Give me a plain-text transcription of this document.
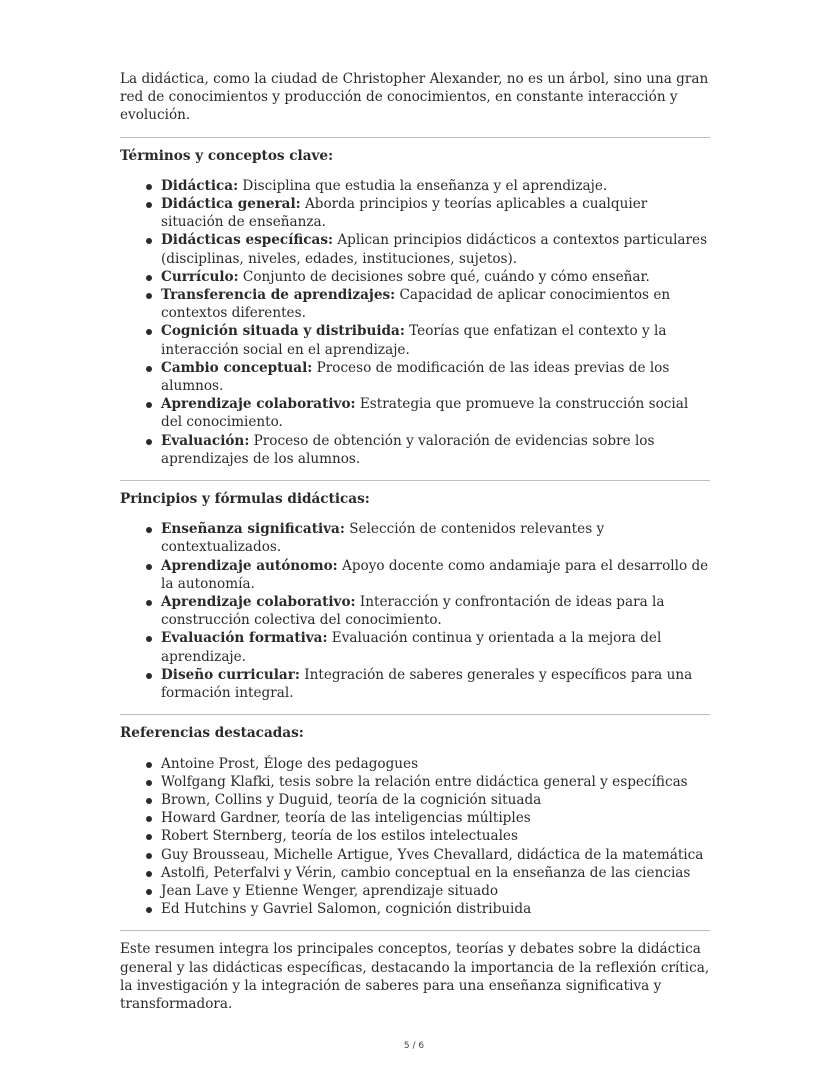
La didáctica, como la ciudad de Christopher Alexander, no es un árbol, sino una gran red de conocimientos y producción de conocimientos, en constante interacción y evolución.

Términos y conceptos clave:

Didáctica: Disciplina que estudia la enseñanza y el aprendizaje.
Didáctica general: Aborda principios y teorías aplicables a cualquier situación de enseñanza.
Didácticas específicas: Aplican principios didácticos a contextos particulares (disciplinas, niveles, edades, instituciones, sujetos).
Currículo: Conjunto de decisiones sobre qué, cuándo y cómo enseñar.
Transferencia de aprendizajes: Capacidad de aplicar conocimientos en contextos diferentes.
Cognición situada y distribuida: Teorías que enfatizan el contexto y la interacción social en el aprendizaje.
Cambio conceptual: Proceso de modificación de las ideas previas de los alumnos.
Aprendizaje colaborativo: Estrategia que promueve la construcción social del conocimiento.
Evaluación: Proceso de obtención y valoración de evidencias sobre los aprendizajes de los alumnos.

Principios y fórmulas didácticas:

Enseñanza significativa: Selección de contenidos relevantes y contextualizados.
Aprendizaje autónomo: Apoyo docente como andamiaje para el desarrollo de la autonomía.
Aprendizaje colaborativo: Interacción y confrontación de ideas para la construcción colectiva del conocimiento.
Evaluación formativa: Evaluación continua y orientada a la mejora del aprendizaje.
Diseño curricular: Integración de saberes generales y específicos para una formación integral.

Referencias destacadas:

Antoine Prost, Éloge des pedagogues
Wolfgang Klafki, tesis sobre la relación entre didáctica general y específicas
Brown, Collins y Duguid, teoría de la cognición situada
Howard Gardner, teoría de las inteligencias múltiples
Robert Sternberg, teoría de los estilos intelectuales
Guy Brousseau, Michelle Artigue, Yves Chevallard, didáctica de la matemática
Astolfi, Peterfalvi y Vérin, cambio conceptual en la enseñanza de las ciencias
Jean Lave y Etienne Wenger, aprendizaje situado
Ed Hutchins y Gavriel Salomon, cognición distribuida

Este resumen integra los principales conceptos, teorías y debates sobre la didáctica general y las didácticas específicas, destacando la importancia de la reflexión crítica, la investigación y la integración de saberes para una enseñanza significativa y transformadora.

5 / 6
